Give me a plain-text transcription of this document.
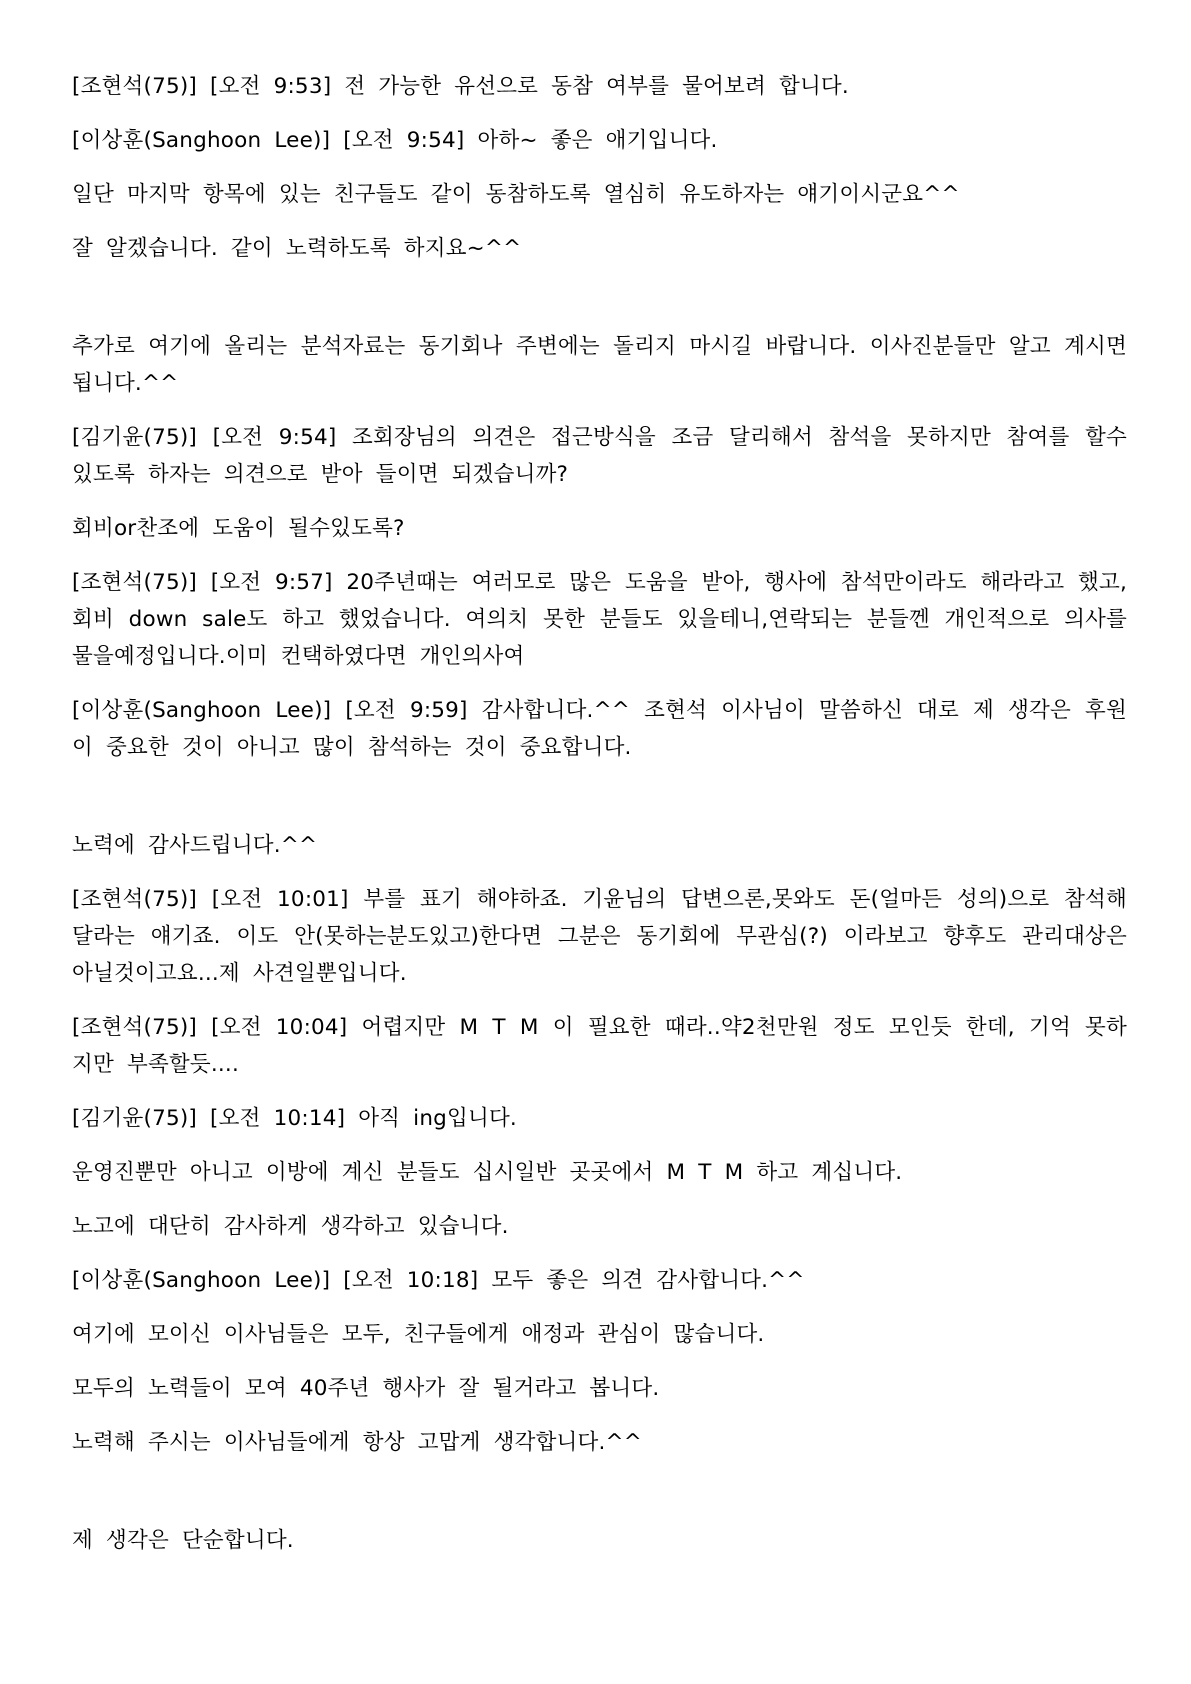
[조현석(75)] [오전 9:53] 전 가능한 유선으로 동참 여부를 물어보려 합니다.

[이상훈(Sanghoon Lee)] [오전 9:54] 아하~ 좋은 애기입니다.

일단 마지막 항목에 있는 친구들도 같이 동참하도록 열심히 유도하자는 얘기이시군요^^

잘 알겠습니다. 같이 노력하도록 하지요~^^

추가로 여기에 올리는 분석자료는 동기회나 주변에는 돌리지 마시길 바랍니다. 이사진분들만 알고 계시면 됩니다.^^

[김기윤(75)] [오전 9:54] 조회장님의 의견은 접근방식을 조금 달리해서 참석을 못하지만 참여를 할수 있도록 하자는 의견으로 받아 들이면 되겠습니까?

회비or찬조에 도움이 될수있도록?

[조현석(75)] [오전 9:57] 20주년때는 여러모로 많은 도움을 받아, 행사에 참석만이라도 해라라고 했고,회비 down sale도 하고 했었습니다. 여의치 못한 분들도 있을테니,연락되는 분들껜 개인적으로 의사를 물을예정입니다.이미 컨택하였다면 개인의사여

[이상훈(Sanghoon Lee)] [오전 9:59] 감사합니다.^^ 조현석 이사님이 말씀하신 대로 제 생각은 후원이 중요한 것이 아니고 많이 참석하는 것이 중요합니다.

노력에 감사드립니다.^^

[조현석(75)] [오전 10:01] 부를 표기 해야하죠. 기윤님의 답변으론,못와도 돈(얼마든 성의)으로 참석해달라는 얘기죠. 이도 안(못하는분도있고)한다면 그분은 동기회에 무관심(?) 이라보고 향후도 관리대상은 아닐것이고요...제 사견일뿐입니다.

[조현석(75)] [오전 10:04] 어렵지만 M T M 이 필요한 때라..약2천만원 정도 모인듯 한데, 기억 못하지만 부족할듯....

[김기윤(75)] [오전 10:14] 아직 ing입니다.

운영진뿐만 아니고 이방에 계신 분들도 십시일반 곳곳에서 M T M 하고 계십니다.

노고에 대단히 감사하게 생각하고 있습니다.

[이상훈(Sanghoon Lee)] [오전 10:18] 모두 좋은 의견 감사합니다.^^

여기에 모이신 이사님들은 모두, 친구들에게 애정과 관심이 많습니다.

모두의 노력들이 모여 40주년 행사가 잘 될거라고 봅니다.

노력해 주시는 이사님들에게 항상 고맙게 생각합니다.^^

제 생각은 단순합니다.
